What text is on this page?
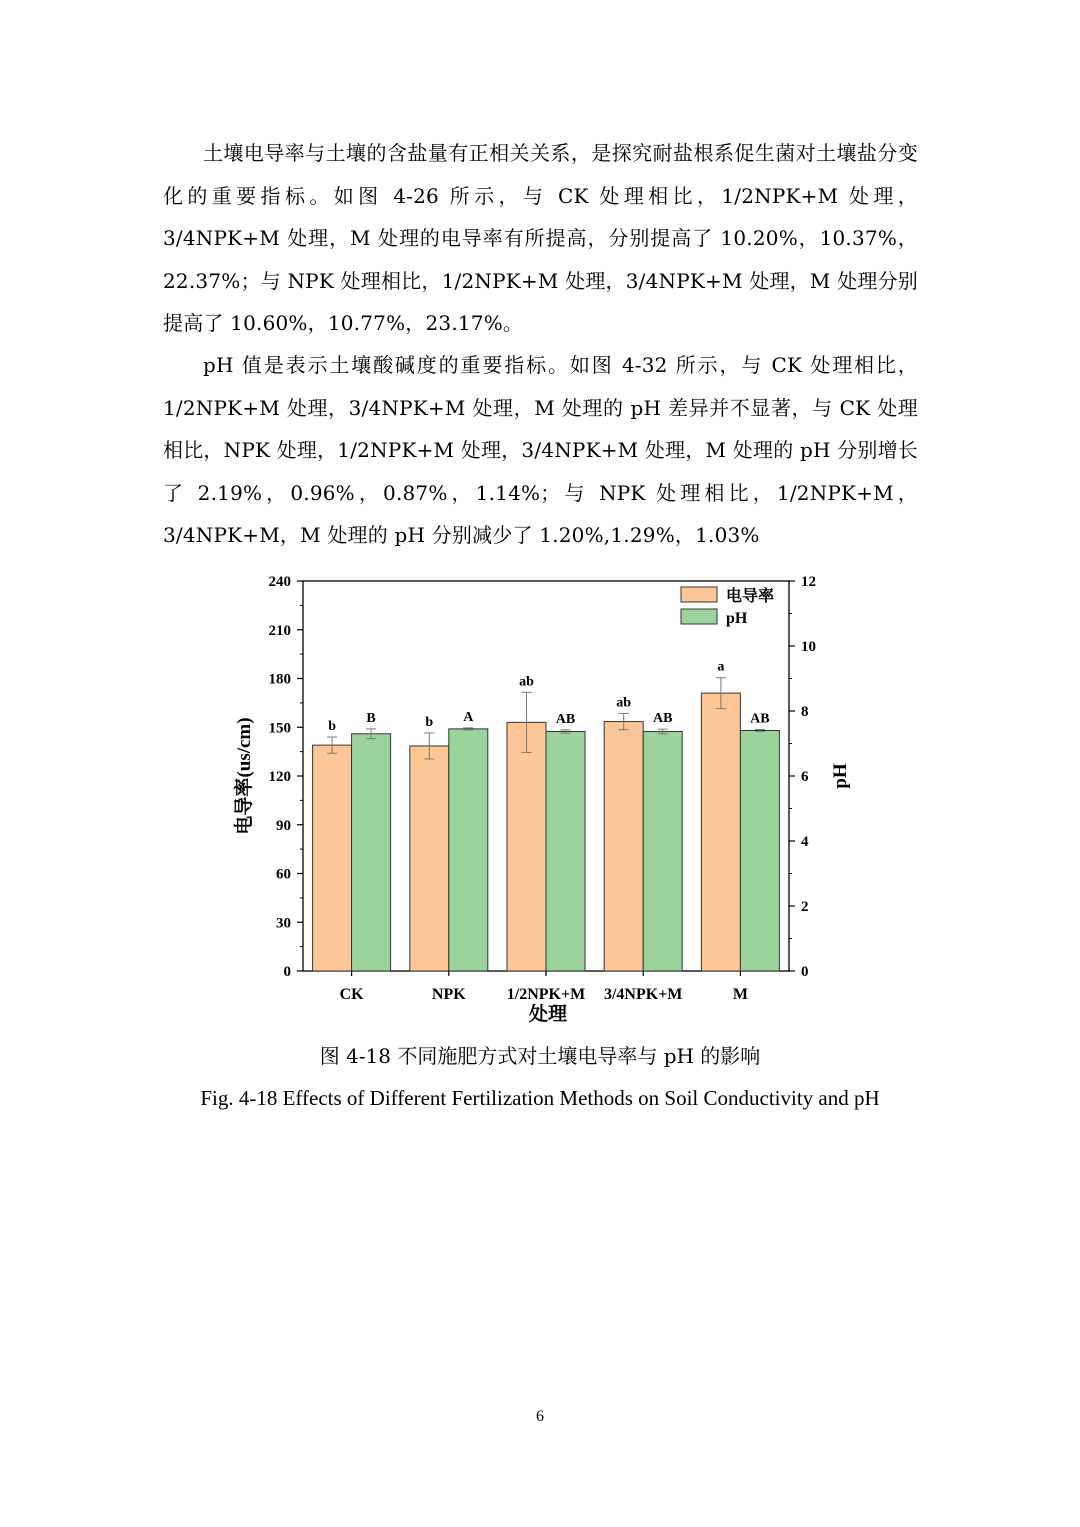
土壤电导率与土壤的含盐量有正相关关系，是探究耐盐根系促生菌对土壤盐分变化的重要指标。如图 4-26 所示，与 CK 处理相比，1/2NPK+M 处理，3/4NPK+M 处理，M 处理的电导率有所提高，分别提高了 10.20%，10.37%，22.37%；与 NPK 处理相比，1/2NPK+M 处理，3/4NPK+M 处理，M 处理分别提高了 10.60%，10.77%，23.17%。

pH 值是表示土壤酸碱度的重要指标。如图 4-32 所示，与 CK 处理相比，1/2NPK+M 处理，3/4NPK+M 处理，M 处理的 pH 差异并不显著，与 CK 处理相比，NPK 处理，1/2NPK+M 处理，3/4NPK+M 处理，M 处理的 pH 分别增长了 2.19%，0.96%，0.87%，1.14%；与 NPK 处理相比，1/2NPK+M，3/4NPK+M，M 处理的 pH 分别减少了 1.20%,1.29%，1.03%

0
30
60
90
120
150
180
210
240
0
2
4
6
8
10
12
电导率(us/cm)	pH
处理
CK
b
B
NPK
b A
1/2NPK+M
ab
AB
3/4NPK+M
ab
AB
M
a
AB
电导率
pH
图 4-18 不同施肥方式对土壤电导率与 pH 的影响
Fig. 4-18 Effects of Different Fertilization Methods on Soil Conductivity and pH
6
